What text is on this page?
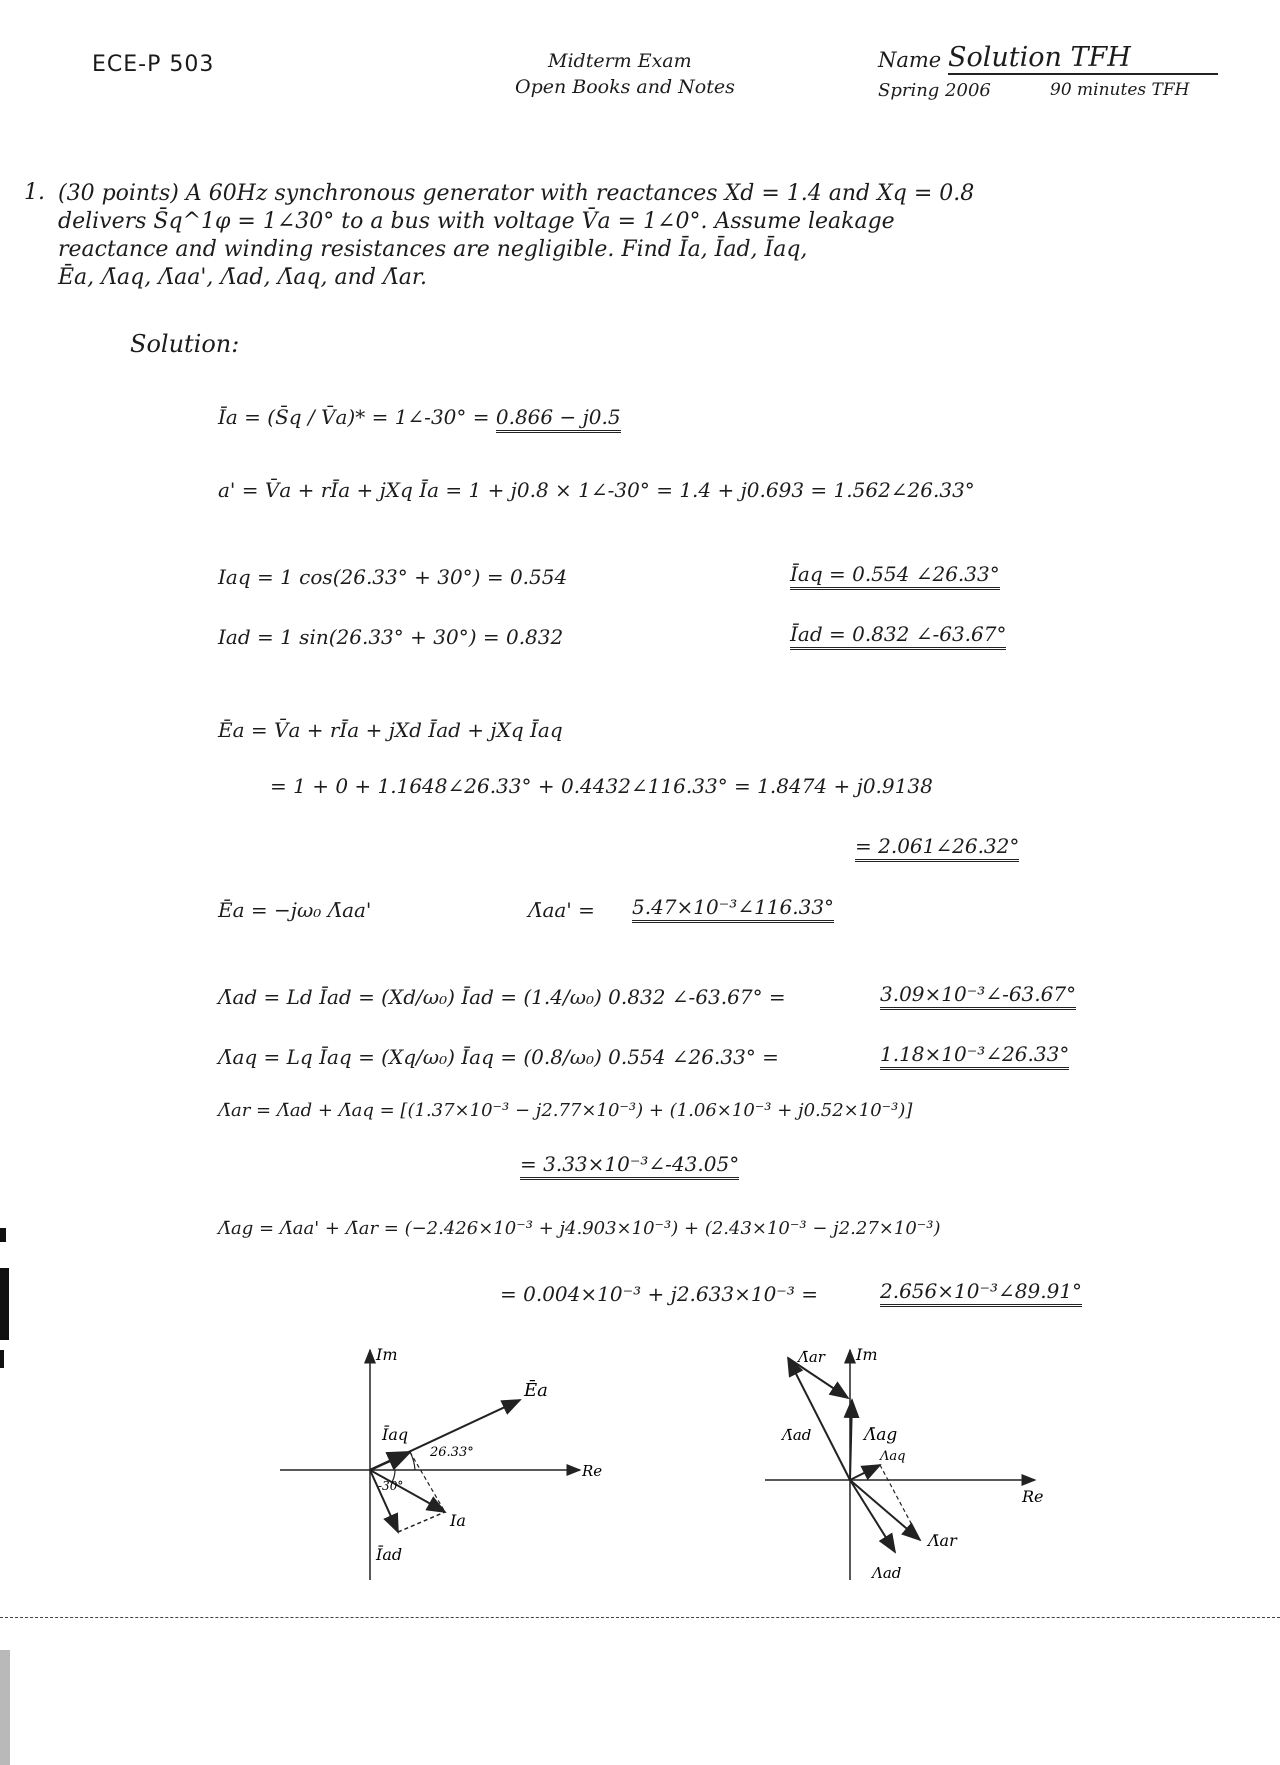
ECE-P 503	Midterm Exam
Open Books and Notes
Name Solution TFH
Spring 2006	90 minutes TFH
1. (30 points) A 60Hz synchronous generator with reactances Xd = 1.4 and Xq = 0.8
delivers S̄q^1φ = 1∠30° to a bus with voltage V̄a = 1∠0°. Assume leakage
reactance and winding resistances are negligible. Find Īa, Īad, Īaq,
Ēa, Λ̄aq, Λ̄aa', Λ̄ad, Λ̄aq, and Λ̄ar.
Solution:
Īa = (S̄q / V̄a)* = 1∠-30° = 0.866 − j0.5
a' = V̄a + rĪa + jXq Īa = 1 + j0.8 × 1∠-30° = 1.4 + j0.693 = 1.562∠26.33°
Iaq = 1 cos(26.33° + 30°) = 0.554	Īaq = 0.554 ∠26.33°
Iad = 1 sin(26.33° + 30°) = 0.832	Īad = 0.832 ∠-63.67°
Ēa = V̄a + rĪa + jXd Īad + jXq Īaq
= 1 + 0 + 1.1648∠26.33° + 0.4432∠116.33° = 1.8474 + j0.9138
= 2.061∠26.32°
Ēa = −jω₀ Λ̄aa'	Λ̄aa' = 5.47×10⁻³∠116.33°
Λ̄ad = Ld Īad = (Xd/ω₀) Īad = (1.4/ω₀) 0.832 ∠-63.67° =	3.09×10⁻³∠-63.67°
Λ̄aq = Lq Īaq = (Xq/ω₀) Īaq = (0.8/ω₀) 0.554 ∠26.33° =	1.18×10⁻³∠26.33°
Λ̄ar = Λ̄ad + Λ̄aq = [(1.37×10⁻³ − j2.77×10⁻³) + (1.06×10⁻³ + j0.52×10⁻³)]
= 3.33×10⁻³∠-43.05°
Λ̄ag = Λ̄aa' + Λ̄ar = (−2.426×10⁻³ + j4.903×10⁻³) + (2.43×10⁻³ − j2.27×10⁻³)
= 0.004×10⁻³ + j2.633×10⁻³ =	2.656×10⁻³∠89.91°
Im
Re
Ēa
Īaq
Ia
Īad
26.33°
-30°
Im
Re
Λ̄ar
Λ̄ad	Λ̄ag
Λaq
Λ̄ar
Λad
